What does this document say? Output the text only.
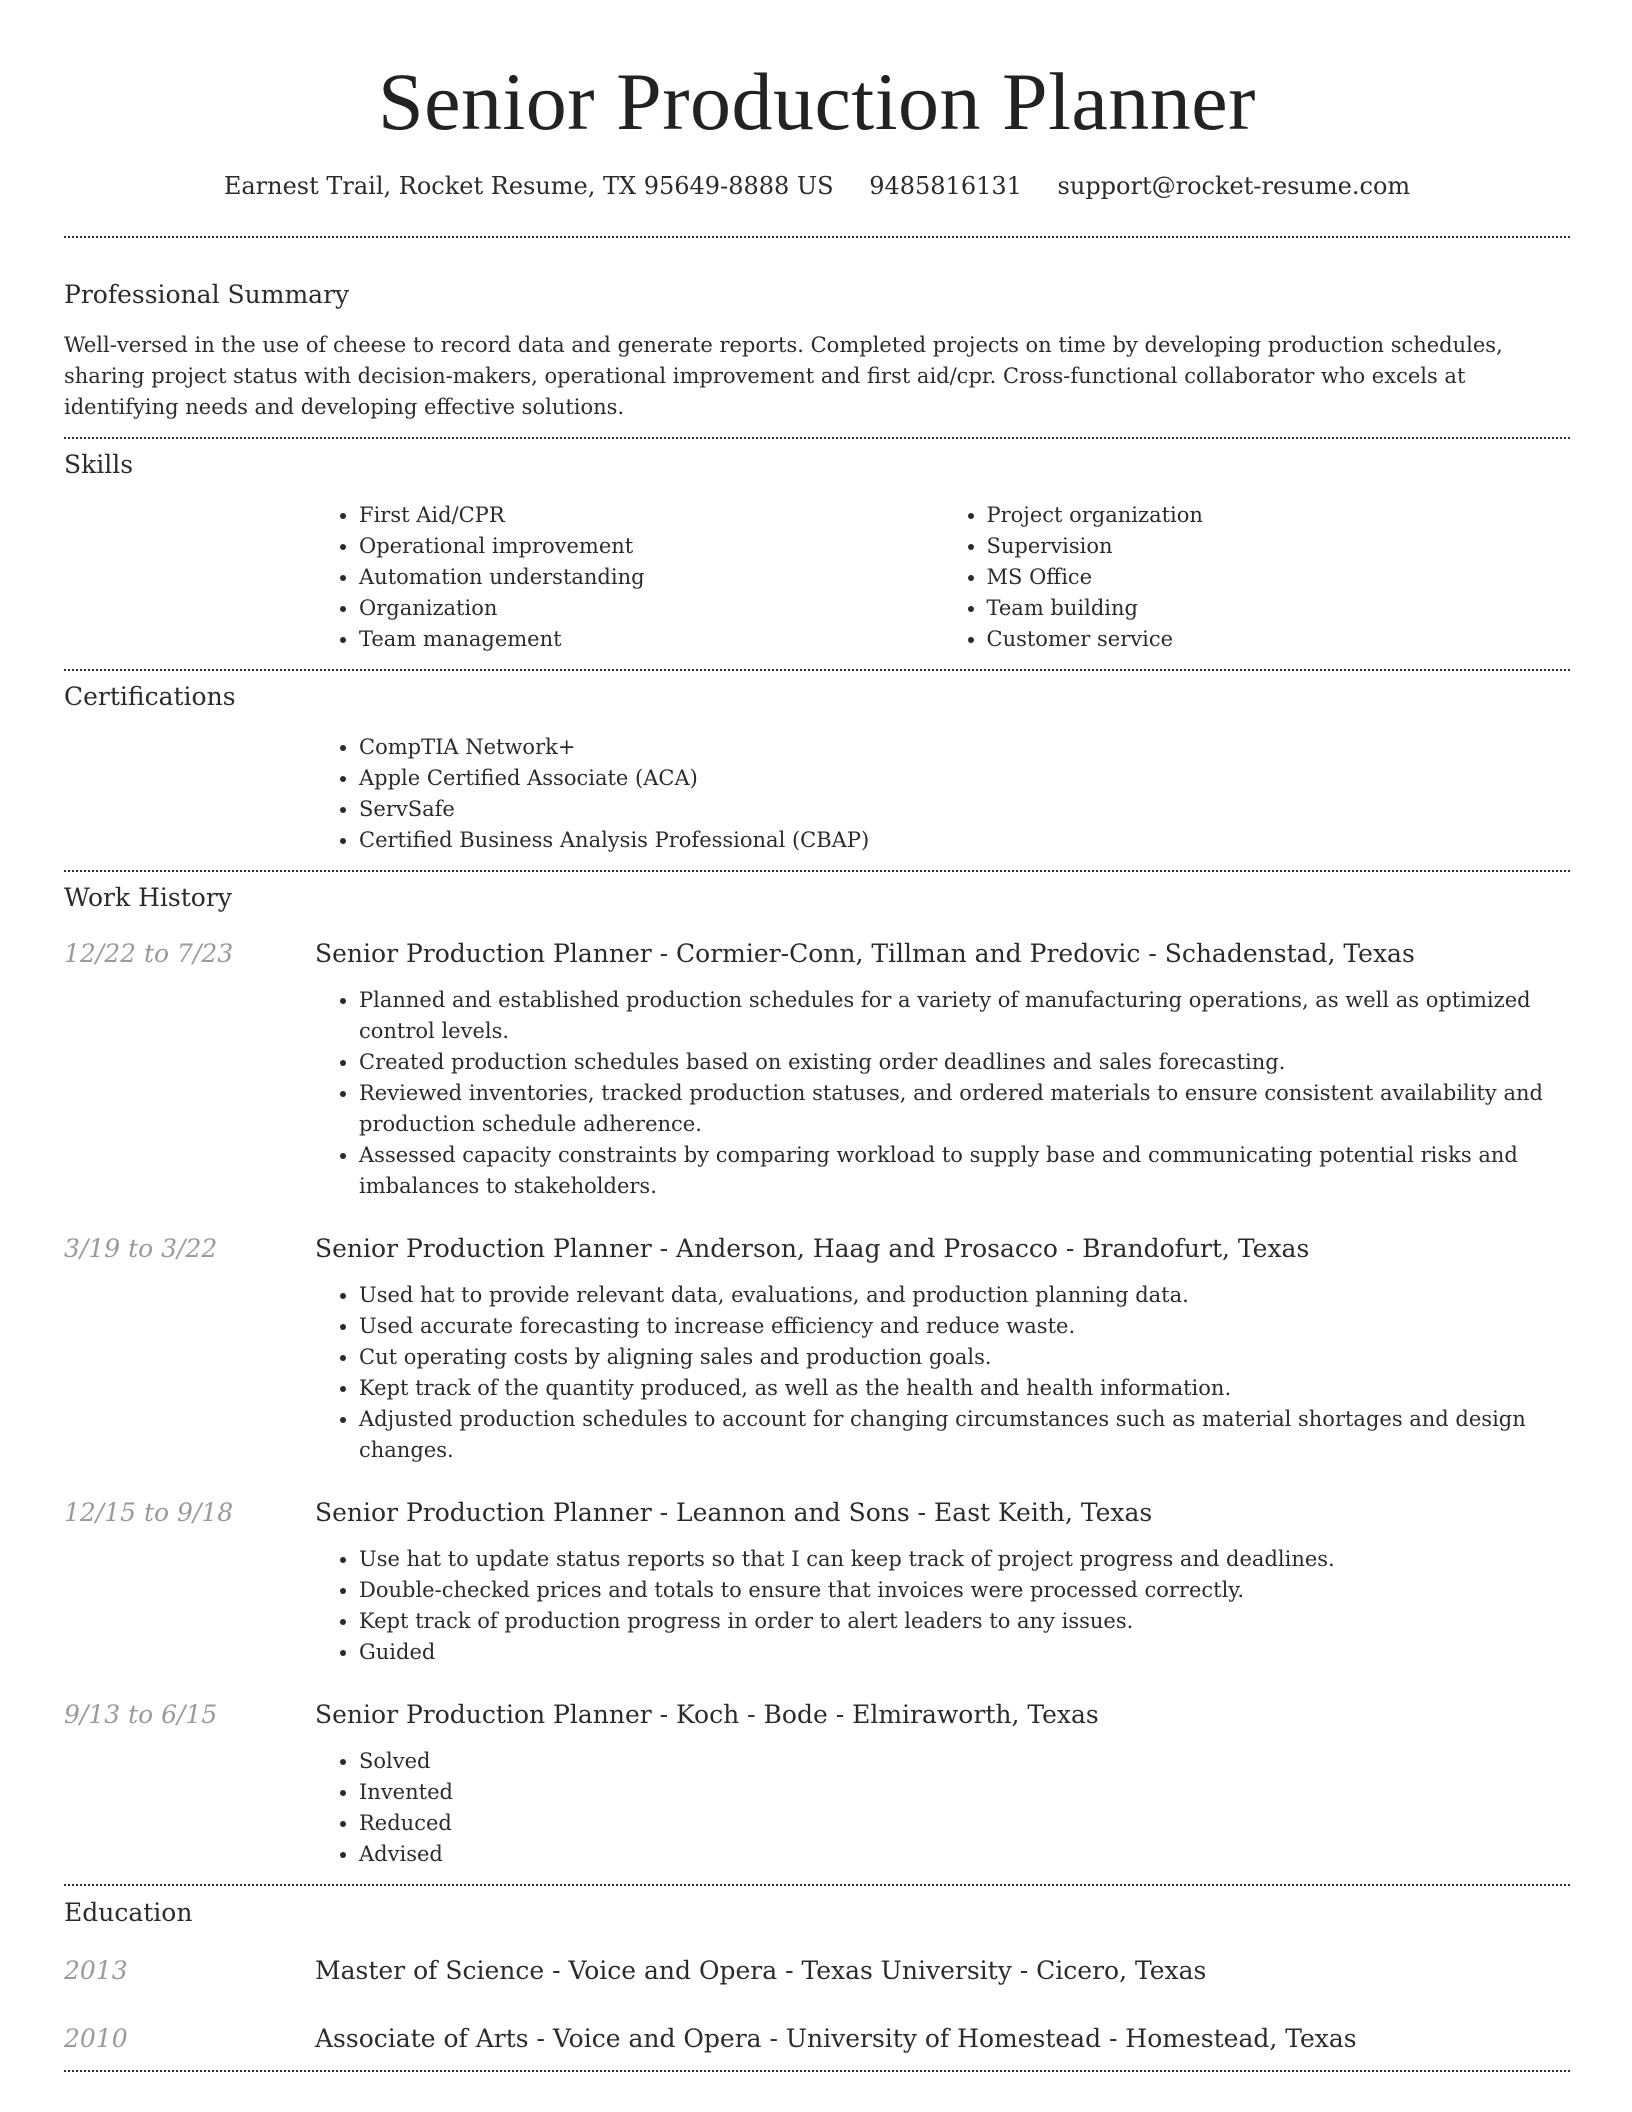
Senior Production Planner
Earnest Trail, Rocket Resume, TX 95649-8888 US 9485816131 support@rocket-resume.com
Professional Summary

Well-versed in the use of cheese to record data and generate reports. Completed projects on time by developing production schedules, sharing project status with decision-makers, operational improvement and first aid/cpr. Cross-functional collaborator who excels at identifying needs and developing effective solutions.

Skills
• First Aid/CPR
• Operational improvement
• Automation understanding
• Organization
• Team management
• Project organization
• Supervision
• MS Office
• Team building
• Customer service
Certifications
• CompTIA Network+
• Apple Certified Associate (ACA)
• ServSafe
• Certified Business Analysis Professional (CBAP)
Work History
12/22 to 7/23	Senior Production Planner - Cormier-Conn, Tillman and Predovic - Schadenstad, Texas
• Planned and established production schedules for a variety of manufacturing operations, as well as optimized control levels.
• Created production schedules based on existing order deadlines and sales forecasting.
• Reviewed inventories, tracked production statuses, and ordered materials to ensure consistent availability and production schedule adherence.
• Assessed capacity constraints by comparing workload to supply base and communicating potential risks and imbalances to stakeholders.
3/19 to 3/22	Senior Production Planner - Anderson, Haag and Prosacco - Brandofurt, Texas
• Used hat to provide relevant data, evaluations, and production planning data.
• Used accurate forecasting to increase efficiency and reduce waste.
• Cut operating costs by aligning sales and production goals.
• Kept track of the quantity produced, as well as the health and health information.
• Adjusted production schedules to account for changing circumstances such as material shortages and design changes.
12/15 to 9/18	Senior Production Planner - Leannon and Sons - East Keith, Texas
• Use hat to update status reports so that I can keep track of project progress and deadlines.
• Double-checked prices and totals to ensure that invoices were processed correctly.
• Kept track of production progress in order to alert leaders to any issues.
• Guided
9/13 to 6/15	Senior Production Planner - Koch - Bode - Elmiraworth, Texas
• Solved
• Invented
• Reduced
• Advised
Education
2013	Master of Science - Voice and Opera - Texas University - Cicero, Texas
2010	Associate of Arts - Voice and Opera - University of Homestead - Homestead, Texas
